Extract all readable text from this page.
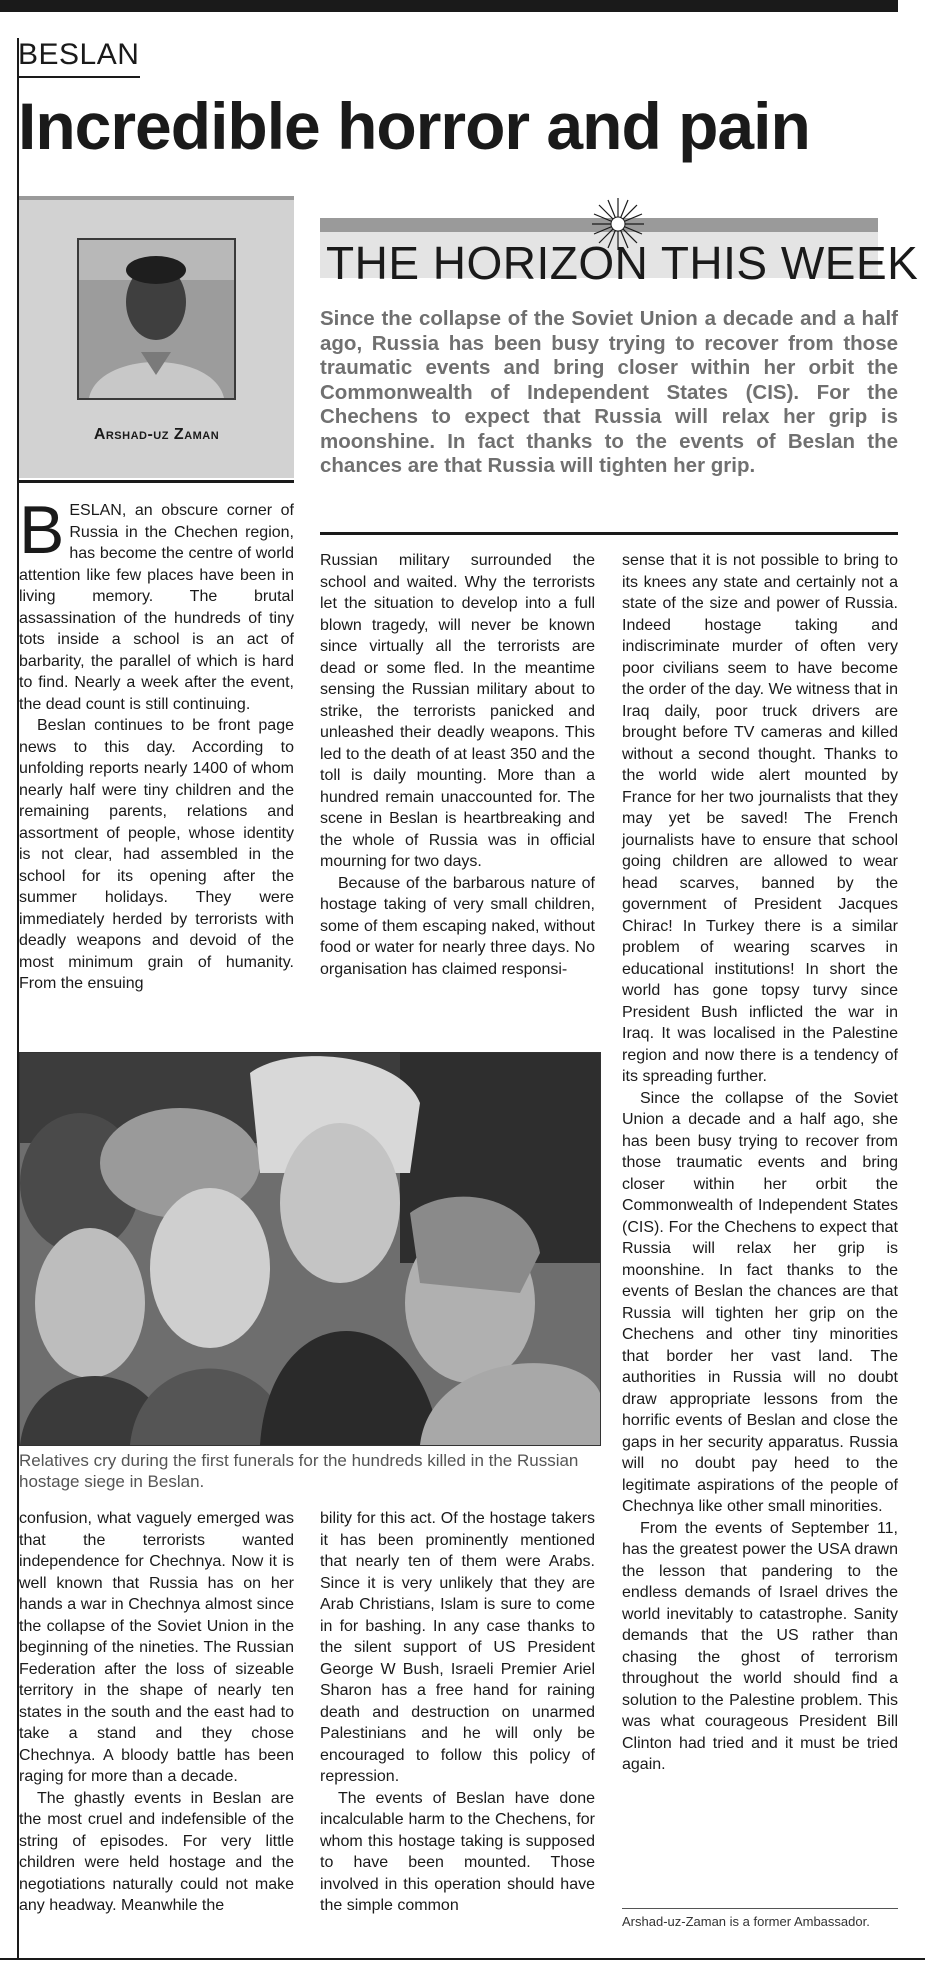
BESLAN
Incredible horror and pain
Arshad-uz Zaman
THE HORIZON THIS WEEK
Since the collapse of the Soviet Union a decade and a half ago, Russia has been busy trying to recover from those traumatic events and bring closer within her orbit the Commonwealth of Independent States (CIS). For the Chechens to expect that Russia will relax her grip is moonshine. In fact thanks to the events of Beslan the chances are that Russia will tighten her grip.

BESLAN, an obscure corner of Russia in the Chechen region, has become the centre of world attention like few places have been in living memory. The brutal assassination of the hundreds of tiny tots inside a school is an act of barbarity, the parallel of which is hard to find. Nearly a week after the event, the dead count is still continuing.

Beslan continues to be front page news to this day. According to unfolding reports nearly 1400 of whom nearly half were tiny children and the remaining parents, relations and assortment of people, whose identity is not clear, had assembled in the school for its opening after the summer holidays. They were immediately herded by terrorists with deadly weapons and devoid of the most minimum grain of humanity. From the ensuing

Russian military surrounded the school and waited. Why the terrorists let the situation to develop into a full blown tragedy, will never be known since virtually all the terrorists are dead or some fled. In the meantime sensing the Russian military about to strike, the terrorists panicked and unleashed their deadly weapons. This led to the death of at least 350 and the toll is daily mounting. More than a hundred remain unaccounted for. The scene in Beslan is heartbreaking and the whole of Russia was in official mourning for two days.

Because of the barbarous nature of hostage taking of very small children, some of them escaping naked, without food or water for nearly three days. No organisation has claimed responsi-

sense that it is not possible to bring to its knees any state and certainly not a state of the size and power of Russia. Indeed hostage taking and indiscriminate murder of often very poor civilians seem to have become the order of the day. We witness that in Iraq daily, poor truck drivers are brought before TV cameras and killed without a second thought. Thanks to the world wide alert mounted by France for her two journalists that they may yet be saved! The French journalists have to ensure that school going children are allowed to wear head scarves, banned by the government of President Jacques Chirac! In Turkey there is a similar problem of wearing scarves in educational institutions! In short the world has gone topsy turvy since President Bush inflicted the war in Iraq. It was localised in the Palestine region and now there is a tendency of its spreading further.

Since the collapse of the Soviet Union a decade and a half ago, she has been busy trying to recover from those traumatic events and bring closer within her orbit the Commonwealth of Independent States (CIS). For the Chechens to expect that Russia will relax her grip is moonshine. In fact thanks to the events of Beslan the chances are that Russia will tighten her grip on the Chechens and other tiny minorities that border her vast land. The authorities in Russia will no doubt draw appropriate lessons from the horrific events of Beslan and close the gaps in her security apparatus. Russia will no doubt pay heed to the legitimate aspirations of the people of Chechnya like other small minorities.

From the events of September 11, has the greatest power the USA drawn the lesson that pandering to the endless demands of Israel drives the world inevitably to catastrophe. Sanity demands that the US rather than chasing the ghost of terrorism throughout the world should find a solution to the Palestine problem. This was what courageous President Bill Clinton had tried and it must be tried again.

Relatives cry during the first funerals for the hundreds killed in the Russian hostage siege in Beslan.

confusion, what vaguely emerged was that the terrorists wanted independence for Chechnya. Now it is well known that Russia has on her hands a war in Chechnya almost since the collapse of the Soviet Union in the beginning of the nineties. The Russian Federation after the loss of sizeable territory in the shape of nearly ten states in the south and the east had to take a stand and they chose Chechnya. A bloody battle has been raging for more than a decade.

The ghastly events in Beslan are the most cruel and indefensible of the string of episodes. For very little children were held hostage and the negotiations naturally could not make any headway. Meanwhile the

bility for this act. Of the hostage takers it has been prominently mentioned that nearly ten of them were Arabs. Since it is very unlikely that they are Arab Christians, Islam is sure to come in for bashing. In any case thanks to the silent support of US President George W Bush, Israeli Premier Ariel Sharon has a free hand for raining death and destruction on unarmed Palestinians and he will only be encouraged to follow this policy of repression.

The events of Beslan have done incalculable harm to the Chechens, for whom this hostage taking is supposed to have been mounted. Those involved in this operation should have the simple common

Arshad-uz-Zaman is a former Ambassador.
